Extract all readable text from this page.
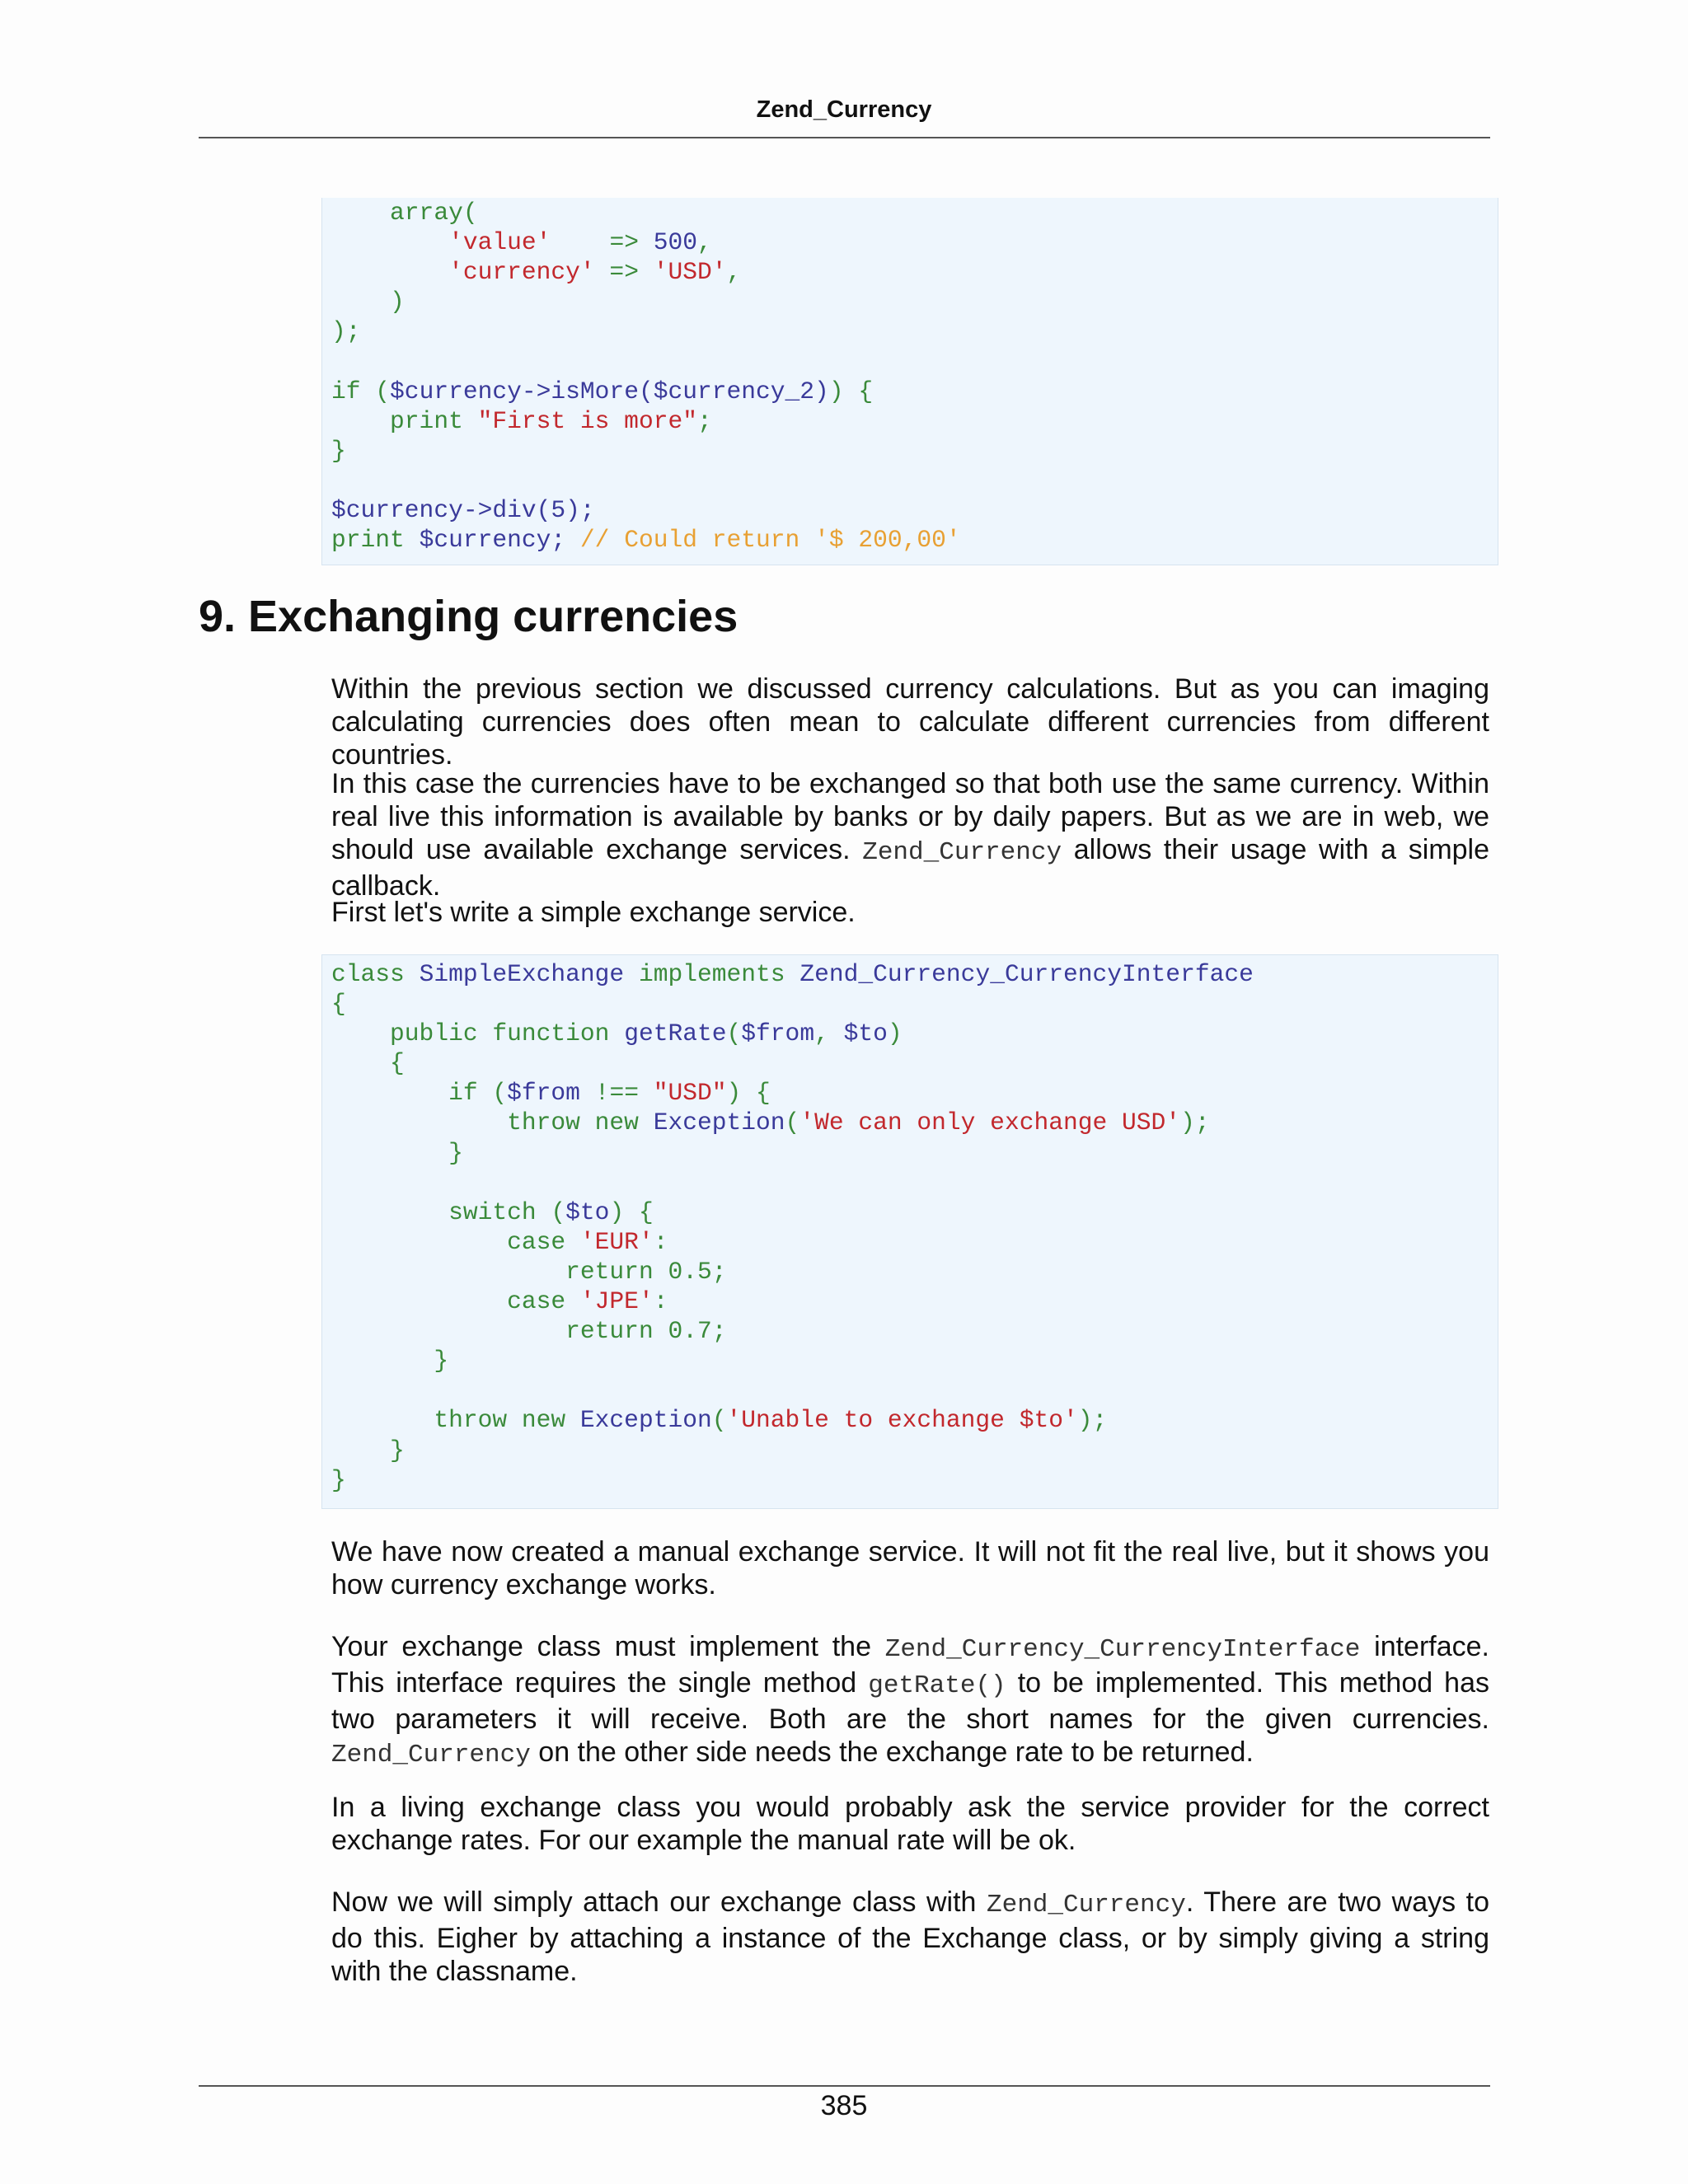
Zend_Currency
array(
'value'    => 500,
'currency' => 'USD',
)
);

if ($currency->isMore($currency_2)) {
print "First is more";
}

$currency->div(5);
print $currency; // Could return '$ 200,00'
9. Exchanging currencies

Within the previous section we discussed currency calculations. But as you can imaging calculating currencies does often mean to calculate different currencies from different countries.

In this case the currencies have to be exchanged so that both use the same currency. Within real live this information is available by banks or by daily papers. But as we are in web, we should use available exchange services. Zend_Currency allows their usage with a simple callback.

First let's write a simple exchange service.

class SimpleExchange implements Zend_Currency_CurrencyInterface
{
public function getRate($from, $to)
{
if ($from !== "USD") {
throw new Exception('We can only exchange USD');
}

switch ($to) {
case 'EUR':
return 0.5;
case 'JPE':
return 0.7;
}

throw new Exception('Unable to exchange $to');
}
}

We have now created a manual exchange service. It will not fit the real live, but it shows you how currency exchange works.

Your exchange class must implement the Zend_Currency_CurrencyInterface interface. This interface requires the single method getRate() to be implemented. This method has two parameters it will receive. Both are the short names for the given currencies. Zend_Currency on the other side needs the exchange rate to be returned.

In a living exchange class you would probably ask the service provider for the correct exchange rates. For our example the manual rate will be ok.

Now we will simply attach our exchange class with Zend_Currency. There are two ways to do this. Eigher by attaching a instance of the Exchange class, or by simply giving a string with the classname.

385
